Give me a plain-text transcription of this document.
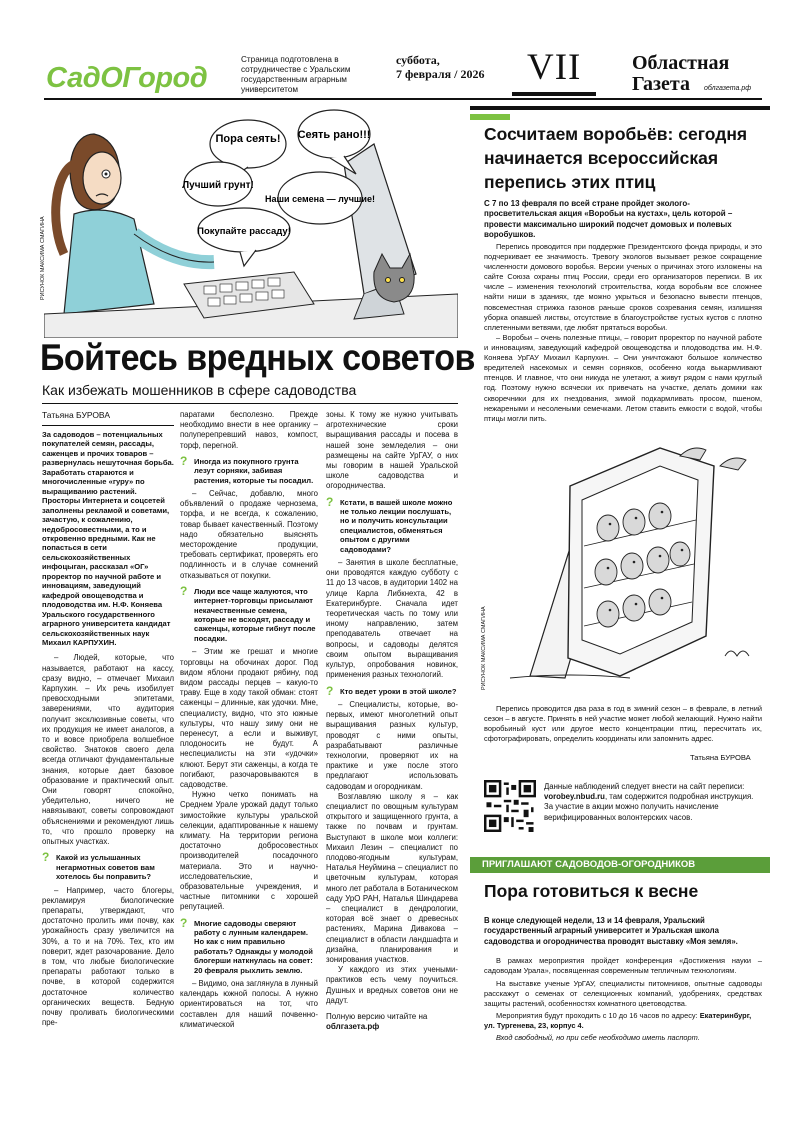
СадОГород
Страница подготовлена в сотрудничестве с Уральским государственным аграрным университетом
суббота,
7 февраля / 2026	VII	Областная
Газета облгазета.рф
Пора сеять! Сеять рано!!!
Лучший грунт!
Наши семена — лучшие!
Покупайте рассаду!
РИСУНОК МАКСИМА СМАГИНА
Бойтесь вредных советов
Как избежать мошенников в сфере садоводства
Татьяна БУРОВА

За садоводов – потенциальных покупателей семян, рассады, саженцев и прочих товаров – развернулась нешуточная борьба. Заработать стараются и многочисленные «гуру» по выращиванию растений. Просторы Интернета и соцсетей заполнены рекламой и советами, зачастую, к сожалению, недобросовестными, а то и откровенно вредными. Как не попасться в сети сельскохозяйственных инфоцыган, рассказал «ОГ» проректор по научной работе и инновациям, заведующий кафедрой овощеводства и плодоводства им. Н.Ф. Коняева Уральского государственного аграрного университета кандидат сельскохозяйственных наук Михаил КАРПУХИН.

– Людей, которые, что называется, работают на кассу, сразу видно, – отмечает Михаил Карпухин. – Их речь изобилует превосходными эпитетами, заверениями, что аудитория получит эксклюзивные советы, что их продукция не имеет аналогов, а то и вовсе приобрела волшебное свойство. Знатоков своего дела всегда отличают фундаментальные знания, которые дает базовое образование и практический опыт. Они говорят спокойно, убедительно, ничего не навязывают, советы сопровождают объяснениями и рекомендуют лишь то, что прошло проверку на опытных участках.

? Какой из услышанных негармотных советов вам хотелось бы поправить?

– Например, часто блогеры, рекламируя биологические препараты, утверждают, что достаточно пролить ими почву, как урожайность сразу увеличится на 30%, а то и на 70%. Тех, кто им поверит, ждет разочарование. Дело в том, что любые биологические препараты работают только в почве, в которой содержится достаточное количество органических веществ. Бедную почву проливать биологическими пре-

паратами бесполезно. Прежде необходимо внести в нее органику – полуперепревший навоз, компост, торф, перегной.

? Иногда из покупного грунта лезут сорняки, забивая растения, которые ты посадил.

– Сейчас, добавлю, много объявлений о продаже чернозема, торфа, и не всегда, к сожалению, товар бывает качественный. Поэтому надо обязательно выяснять месторождение продукции, требовать сертификат, проверять его подлинность и в случае сомнений отказываться от покупки.

? Люди все чаще жалуются, что интернет-торговцы присылают некачественные семена, которые не всходят, рассаду и саженцы, которые гибнут после посадки.

– Этим же грешат и многие торговцы на обочинах дорог. Под видом яблони продают рябину, под видом рассады перцев – какую-то траву. Еще в ходу такой обман: стоят саженцы – длинные, как удочки. Мне, специалисту, видно, что это южные культуры, что нашу зиму они не перенесут, а если и выживут, плодоносить не будут. А неспециалисты на эти «удочки» клюют. Берут эти саженцы, а когда те погибают, разочаровываются в садоводстве.

Нужно четко понимать на Среднем Урале урожай дадут только зимостойкие культуры уральской селекции, адаптированные к нашему климату. На территории региона достаточно добросовестных производителей посадочного материала. Это и научно-исследовательские, и образовательные учреждения, и частные питомники с хорошей репутацией.

? Многие садоводы сверяют работу с лунным календарем. Но как с ним правильно работать? Однажды у молодой блогерши наткнулась на совет: 20 февраля рыхлить землю.

– Видимо, она заглянула в лунный календарь южной полосы. А нужно ориентироваться на тот, что составлен для наший почвенно-климатической

зоны. К тому же нужно учитывать агротехнические сроки выращивания рассады и посева в нашей зоне земледелия – они размещены на сайте УрГАУ, о них мы говорим в нашей Уральской школе садоводства и огородничества.

? Кстати, в вашей школе можно не только лекции послушать, но и получить консультации специалистов, обменяться опытом с другими садоводами?

– Занятия в школе бесплатные, они проводятся каждую субботу с 11 до 13 часов, в аудитории 1402 на улице Карла Либкнехта, 42 в Екатеринбурге. Сначала идет теоретическая часть по тому или иному направлению, затем преподаватель отвечает на вопросы, и садоводы делятся своим опытом выращивания культур, опробования новинок, применения разных технологий.

? Кто ведет уроки в этой школе?

– Специалисты, которые, во-первых, имеют многолетний опыт выращивания разных культур, проводят с ними опыты, разрабатывают различные технологии, проверяют их на практике и уже после этого предлагают использовать садоводам и огородникам.

Возглавляю школу я – как специалист по овощным культурам открытого и защищенного грунта, а также по почвам и грунтам. Выступают в школе мои коллеги: Михаил Лезин – специалист по плодово-ягодным культурам, Наталья Неуймина – специалист по цветочным культурам, которая много лет работала в Ботаническом саду УрО РАН, Наталья Шиндарева – специалист в дендрологии, которая всё знает о древесных растениях, Марина Дивакова – специалист в области ландшафта и дизайна, планирования и зонирования участков.

У каждого из этих учеными-практиков есть чему поучиться. Душных и вредных советов они не дадут.

Полную версию читайте на
облгазета.рф
Сосчитаем воробьёв: сегодня начинается всероссийская перепись этих птиц

С 7 по 13 февраля по всей стране пройдет эколого-просветительская акция «Воробьи на кустах», цель которой – провести максимально широкий подсчет домовых и полевых воробушков.

Перепись проводится при поддержке Президентского фонда природы, и это подчеркивает ее значимость. Тревогу экологов вызывает резкое сокращение численности домового воробья. Версии ученых о причинах этого изложены на сайте Союза охраны птиц России, среди его организаторов переписи. В их числе – изменения технологий строительства, когда воробьям все сложнее найти ниши в зданиях, где можно укрыться и безопасно вывести птенцов, повсеместная стрижка газонов раньше сроков созревания семян, излишняя уборка опавшей листвы, отсутствие в благоустройстве густых кустов с плотно сплетенными ветвями, где любят прятаться воробьи.

– Воробьи – очень полезные птицы, – говорит проректор по научной работе и инновациям, заведующий кафедрой овощеводства и плодоводства им. Н.Ф. Коняева УрГАУ Михаил Карпухин. – Они уничтожают большое количество вредителей насекомых и семян сорняков, особенно когда выкармливают птенцов. И главное, что они никуда не улетают, а живут рядом с нами круглый год. Поэтому нужно всячески их привечать на участке, делать домики как скворечники для их гнездования, зимой подкармливать просом, пшеном, нежареными и несолеными семечками. Летом ставить емкости с водой, чтобы птицы могли пить.

РИСУНОК МАКСИМА СМАГИНА

Перепись проводится два раза в год в зимний сезон – в феврале, в летний сезон – в августе. Принять в ней участие может любой желающий. Нужно найти воробьиный куст или другое место концентрации птиц, пересчитать их, сфотографировать, определить координаты или запомнить адрес.

Татьяна БУРОВА
Данные наблюдений следует внести на сайт переписи: vorobey.nbud.ru, там содержится подробная инструкция. За участие в акции можно получить начисление верифицированных волонтерских часов.
ПРИГЛАШАЮТ САДОВОДОВ-ОГОРОДНИКОВ
Пора готовиться к весне

В конце следующей недели, 13 и 14 февраля, Уральский государственный аграрный университет и Уральская школа садоводства и огородничества проводят выставку «Моя земля».

В рамках мероприятия пройдет конференция «Достижения науки – садоводам Урала», посвященная современным тепличным технологиям.

На выставке ученые УрГАУ, специалисты питомников, опытные садоводы расскажут о семенах от селекционных компаний, удобрениях, средствах защиты растений, особенностях комнатного цветоводства.

Мероприятия будут проходить с 10 до 16 часов по адресу: Екатеринбург, ул. Тургенева, 23, корпус 4.

Вход свободный, но при себе необходимо иметь паспорт.
